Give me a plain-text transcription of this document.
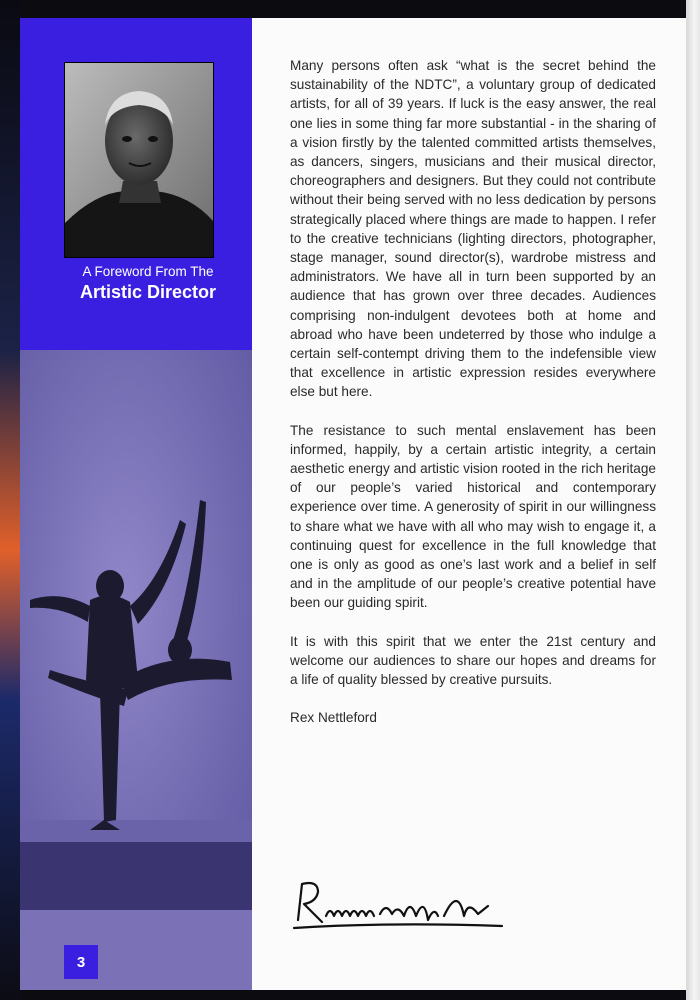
A Foreword From The
Artistic Director
3

Many persons often ask “what is the secret behind the sustainability of the NDTC”, a voluntary group of dedicated artists, for all of 39 years. If luck is the easy answer, the real one lies in some thing far more substantial - in the sharing of a vision firstly by the talented committed artists themselves, as dancers, singers, musicians and their musical director, choreographers and designers. But they could not contribute without their being served with no less dedication by persons strategically placed where things are made to happen. I refer to the creative technicians (lighting directors, photographer, stage manager, sound director(s), wardrobe mistress and administrators. We have all in turn been supported by an audience that has grown over three decades. Audiences comprising non-indulgent devotees both at home and abroad who have been undeterred by those who indulge a certain self-contempt driving them to the indefensible view that excellence in artistic expression resides everywhere else but here.

The resistance to such mental enslavement has been informed, happily, by a certain artistic integrity, a certain aesthetic energy and artistic vision rooted in the rich heritage of our people’s varied historical and contemporary experience over time. A generosity of spirit in our willingness to share what we have with all who may wish to engage it, a continuing quest for excellence in the full knowledge that one is only as good as one’s last work and a belief in self and in the amplitude of our people’s creative potential have been our guiding spirit.

It is with this spirit that we enter the 21st century and welcome our audiences to share our hopes and dreams for a life of quality blessed by creative pursuits.

Rex Nettleford
